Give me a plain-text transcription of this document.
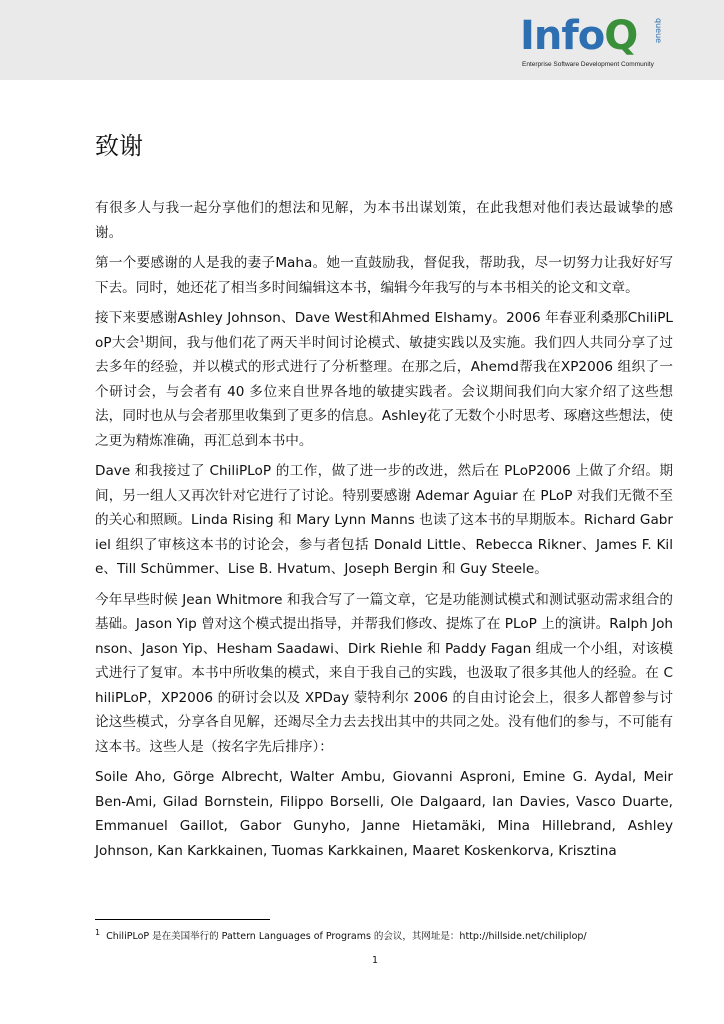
InfoQ queue
Enterprise Software Development Community
致谢

有很多人与我一起分享他们的想法和见解，为本书出谋划策，在此我想对他们表达最诚挚的感谢。

第一个要感谢的人是我的妻子Maha。她一直鼓励我，督促我，帮助我，尽一切努力让我好好写下去。同时，她还花了相当多时间编辑这本书，编辑今年我写的与本书相关的论文和文章。

接下来要感谢Ashley Johnson、Dave West和Ahmed Elshamy。2006 年春亚利桑那ChiliPLoP大会$^1$期间，我与他们花了两天半时间讨论模式、敏捷实践以及实施。我们四人共同分享了过去多年的经验，并以模式的形式进行了分析整理。在那之后，Ahemd帮我在XP2006 组织了一个研讨会，与会者有 40 多位来自世界各地的敏捷实践者。会议期间我们向大家介绍了这些想法，同时也从与会者那里收集到了更多的信息。Ashley花了无数个小时思考、琢磨这些想法，使之更为精炼准确，再汇总到本书中。

Dave 和我接过了 ChiliPLoP 的工作，做了进一步的改进，然后在 PLoP2006 上做了介绍。期间，另一组人又再次针对它进行了讨论。特别要感谢 Ademar Aguiar 在 PLoP 对我们无微不至的关心和照顾。Linda Rising 和 Mary Lynn Manns 也读了这本书的早期版本。Richard Gabriel 组织了审核这本书的讨论会，参与者包括 Donald Little、Rebecca Rikner、James F. Kile、Till Schümmer、Lise B. Hvatum、Joseph Bergin 和 Guy Steele。

今年早些时候 Jean Whitmore 和我合写了一篇文章，它是功能测试模式和测试驱动需求组合的基础。Jason Yip 曾对这个模式提出指导，并帮我们修改、提炼了在 PLoP 上的演讲。Ralph Johnson、Jason Yip、Hesham Saadawi、Dirk Riehle 和 Paddy Fagan 组成一个小组，对该模式进行了复审。本书中所收集的模式，来自于我自己的实践，也汲取了很多其他人的经验。在 ChiliPLoP，XP2006 的研讨会以及 XPDay 蒙特利尔 2006 的自由讨论会上，很多人都曾参与讨论这些模式，分享各自见解，还竭尽全力去去找出其中的共同之处。没有他们的参与，不可能有这本书。这些人是（按名字先后排序）：

Soile Aho, Görge Albrecht, Walter Ambu, Giovanni Asproni, Emine G. Aydal, Meir Ben-Ami, Gilad Bornstein, Filippo Borselli, Ole Dalgaard, Ian Davies, Vasco Duarte, Emmanuel Gaillot, Gabor Gunyho, Janne Hietamäki, Mina Hillebrand, Ashley Johnson, Kan Karkkainen, Tuomas Karkkainen, Maaret Koskenkorva, Krisztina

$^1$ ChiliPLoP 是在美国举行的 Pattern Languages of Programs 的会议，其网址是：http://hillside.net/chiliplop/
1
